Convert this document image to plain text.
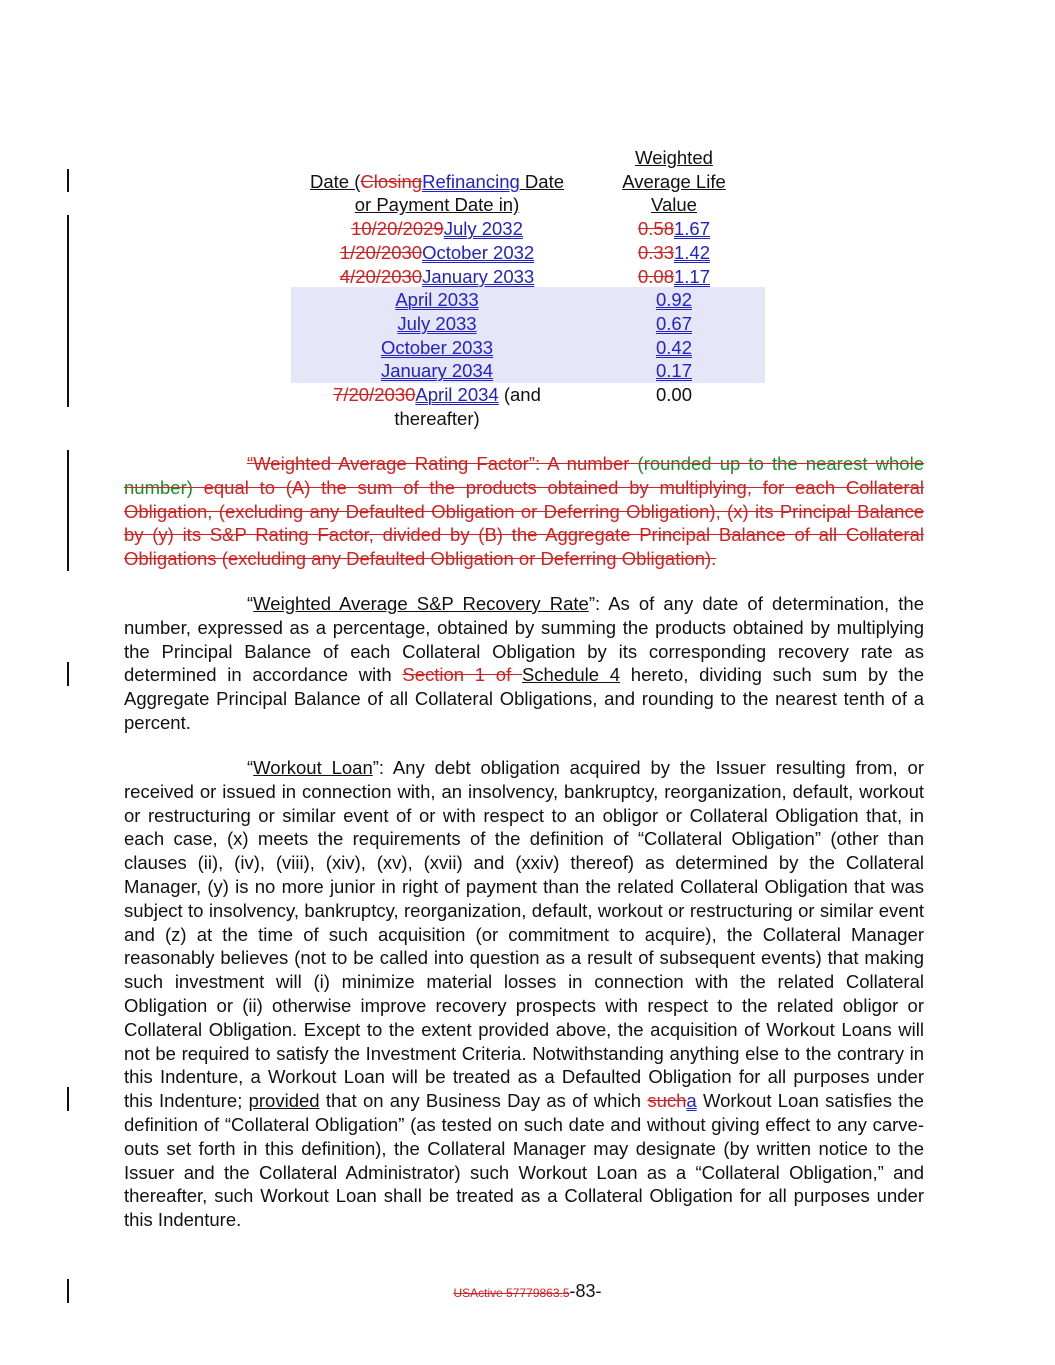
Weighted
Date (ClosingRefinancing Date	Average Life
or Payment Date in)	Value
10/20/2029July 2032	0.581.67
1/20/2030October 2032	0.331.42
4/20/2030January 2033	0.081.17
April 2033	0.92
July 2033	0.67
October 2033	0.42
January 2034	0.17
7/20/2030April 2034 (and	0.00
thereafter)
“Weighted Average Rating Factor”: A number (rounded up to the nearest whole number) equal to (A) the sum of the products obtained by multiplying, for each Collateral Obligation, (excluding any Defaulted Obligation or Deferring Obligation), (x) its Principal Balance by (y) its S&P Rating Factor, divided by (B) the Aggregate Principal Balance of all Collateral Obligations (excluding any Defaulted Obligation or Deferring Obligation).
“Weighted Average S&P Recovery Rate”: As of any date of determination, the number, expressed as a percentage, obtained by summing the products obtained by multiplying the Principal Balance of each Collateral Obligation by its corresponding recovery rate as determined in accordance with Section 1 of Schedule 4 hereto, dividing such sum by the Aggregate Principal Balance of all Collateral Obligations, and rounding to the nearest tenth of a percent.
“Workout Loan”: Any debt obligation acquired by the Issuer resulting from, or received or issued in connection with, an insolvency, bankruptcy, reorganization, default, workout or restructuring or similar event of or with respect to an obligor or Collateral Obligation that, in each case, (x) meets the requirements of the definition of “Collateral Obligation” (other than clauses (ii), (iv), (viii), (xiv), (xv), (xvii) and (xxiv) thereof) as determined by the Collateral Manager, (y) is no more junior in right of payment than the related Collateral Obligation that was subject to insolvency, bankruptcy, reorganization, default, workout or restructuring or similar event and (z) at the time of such acquisition (or commitment to acquire), the Collateral Manager reasonably believes (not to be called into question as a result of subsequent events) that making such investment will (i) minimize material losses in connection with the related Collateral Obligation or (ii) otherwise improve recovery prospects with respect to the related obligor or Collateral Obligation. Except to the extent provided above, the acquisition of Workout Loans will not be required to satisfy the Investment Criteria. Notwithstanding anything else to the contrary in this Indenture, a Workout Loan will be treated as a Defaulted Obligation for all purposes under this Indenture; provided that on any Business Day as of which sucha Workout Loan satisfies the definition of “Collateral Obligation” (as tested on such date and without giving effect to any carve-outs set forth in this definition), the Collateral Manager may designate (by written notice to the Issuer and the Collateral Administrator) such Workout Loan as a “Collateral Obligation,” and thereafter, such Workout Loan shall be treated as a Collateral Obligation for all purposes under this Indenture.
USActive 57779863.5-83-
